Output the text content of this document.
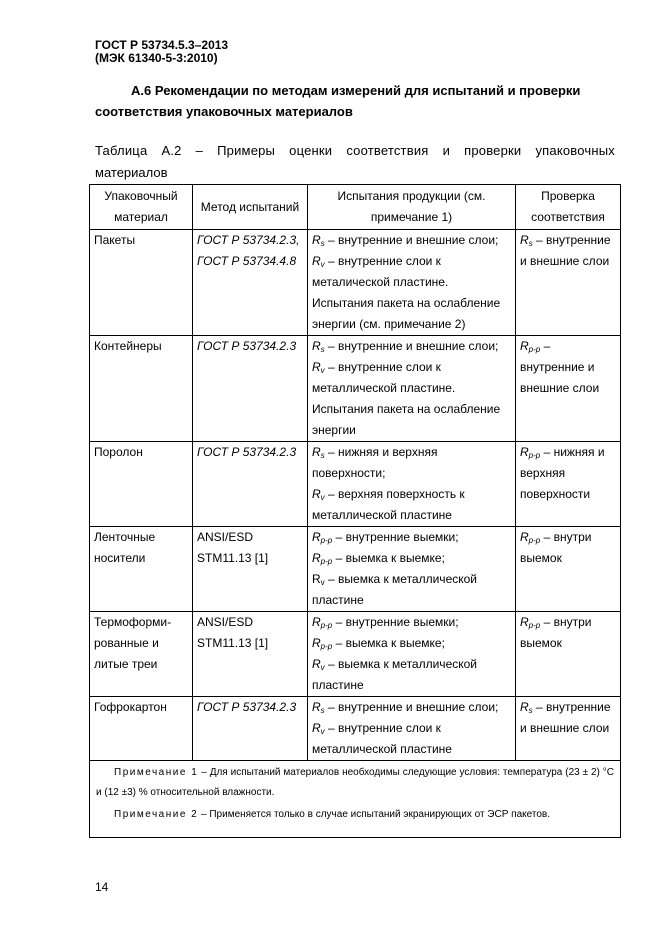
ГОСТ Р 53734.5.3–2013
(МЭК 61340-5-3:2010)
А.6 Рекомендации по методам измерений для испытаний и проверки
соответствия упаковочных материалов
Таблица А.2 – Примеры оценки соответствия и проверки упаковочных
материалов
Упаковочный материал	Метод испытаний	Испытания продукции (см. примечание 1)	Проверка соответствия

Пакеты	ГОСТ Р 53734.2.3,
ГОСТ Р 53734.4.8	$R_s$ – внутренние и внешние слои;
$R_v$ – внутренние слои к
металической пластине.
Испытания пакета на ослабление
энергии (см. примечание 2)	$R_s$ – внутренние
и внешние слои

Контейнеры	ГОСТ Р 53734.2.3	$R_s$ – внутренние и внешние слои;
$R_v$ – внутренние слои к
металлической пластине.
Испытания пакета на ослабление
энергии	$R_{p-p}$ –
внутренние и
внешние слои

Поролон	ГОСТ Р 53734.2.3	$R_s$ – нижняя и верхняя
поверхности;
$R_v$ – верхняя поверхность к
металлической пластине	$R_{p-p}$ – нижняя и
верхняя
поверхности

Ленточные
носители	ANSI/ESD
STM11.13 [1]	$R_{p-p}$ – внутренние выемки;
$R_{p-p}$ – выемка к выемке;
$R_v$ – выемка к металлической
пластине	$R_{p-p}$ – внутри
выемок

Термоформи-
рованные и
литые треи	ANSI/ESD
STM11.13 [1]	$R_{p-p}$ – внутренние выемки;
$R_{p-p}$ – выемка к выемке;
$R_v$ – выемка к металлической
пластине	$R_{p-p}$ – внутри
выемок

Гофрокартон	ГОСТ Р 53734.2.3	$R_s$ – внутренние и внешние слои;
$R_v$ – внутренние слои к
металлической пластине	$R_s$ – внутренние
и внешние слои

Примечание 1 – Для испытаний материалов необходимы следующие условия: температура (23 ± 2) °С и (12 ±3) % относительной влажности.

Примечание 2 – Применяется только в случае испытаний экранирующих от ЭСР пакетов.			

14
